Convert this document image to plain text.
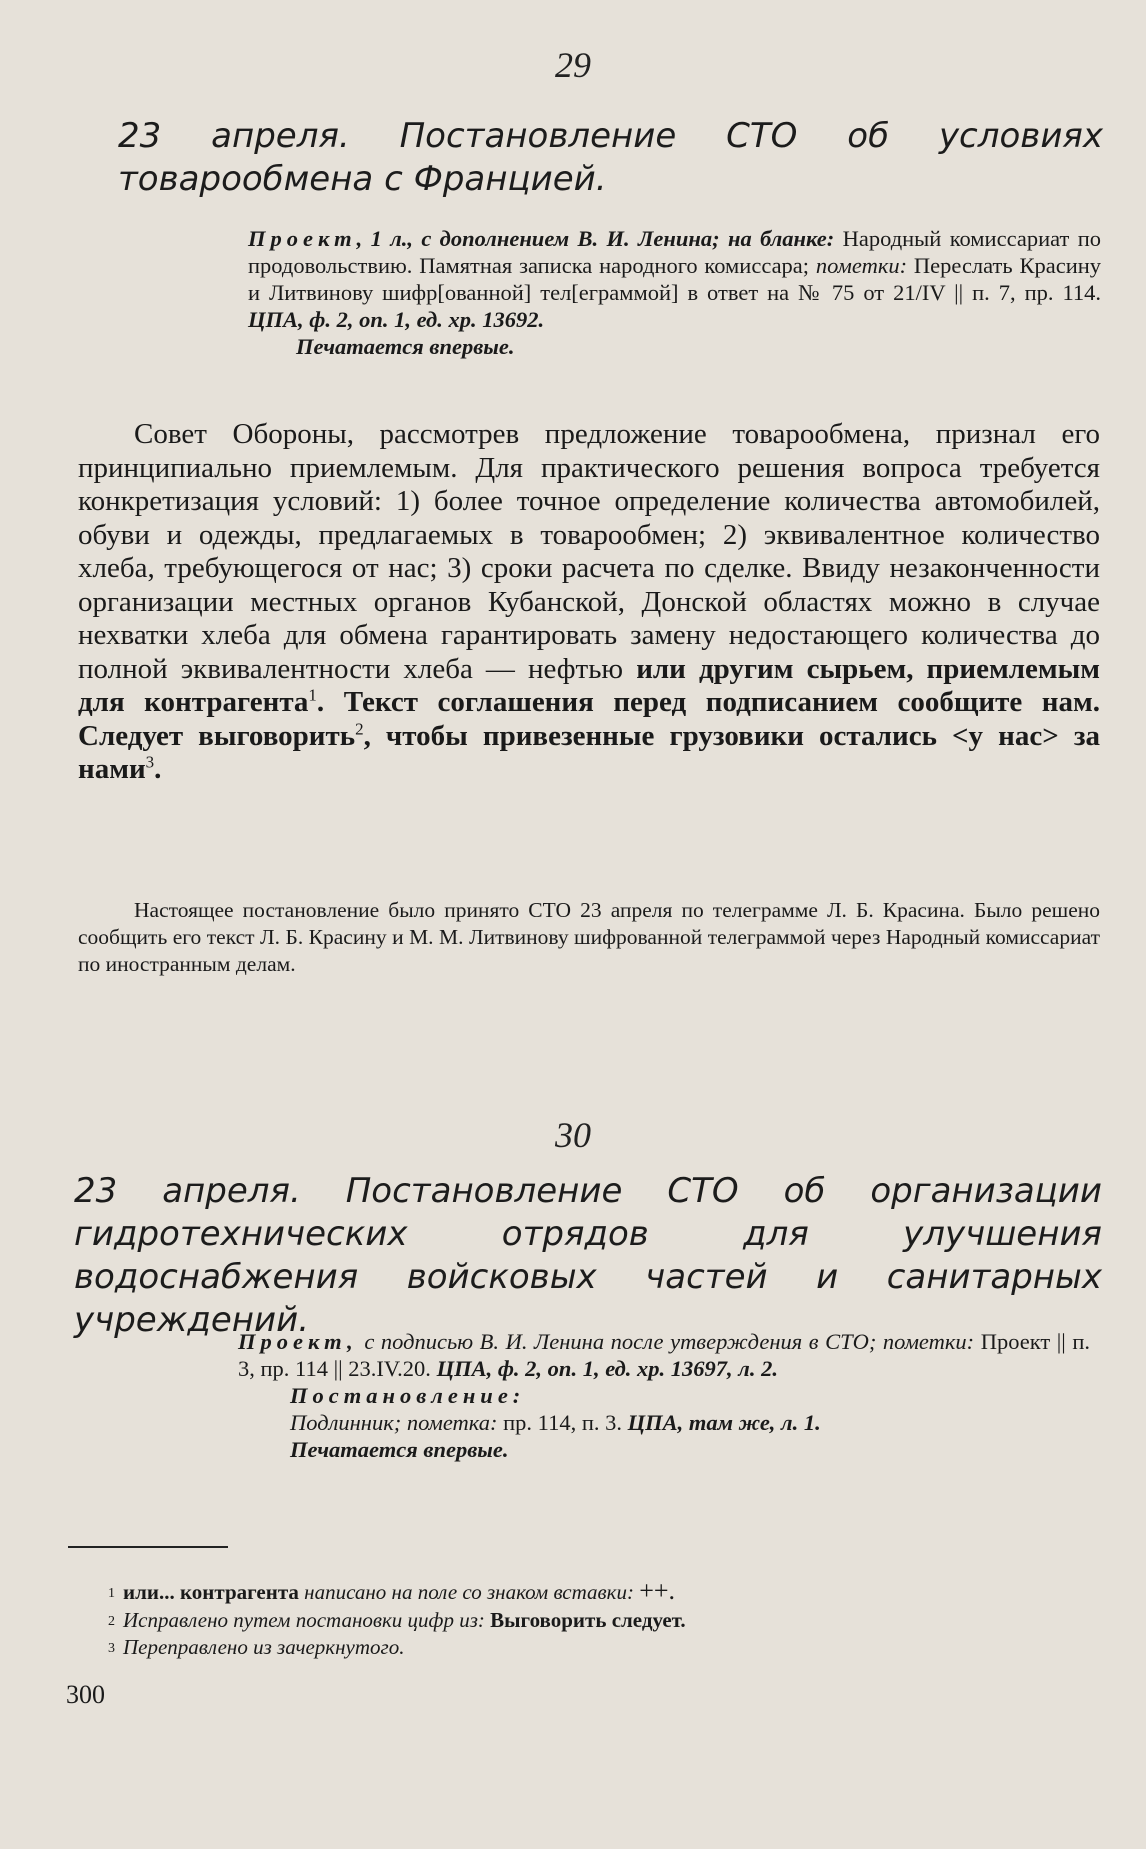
29
23 апреля. Постановление СТО об условиях товарообмена с Францией.

Проект, 1 л., с дополнением В. И. Ленина; на бланке: Народный комиссариат по продовольствию. Памятная записка народного комиссара; пометки: Переслать Красину и Литвинову шифр[ованной] тел[еграммой] в ответ на № 75 от 21/IV || п. 7, пр. 114. ЦПА, ф. 2, оп. 1, ед. хр. 13692.

Печатается впервые.

Совет Обороны, рассмотрев предложение товарообмена, признал его принципиально приемлемым. Для практического решения вопроса требуется конкретизация условий: 1) более точное определение количества автомобилей, обуви и одежды, предлагаемых в товарообмен; 2) эквивалентное количество хлеба, требующегося от нас; 3) сроки расчета по сделке. Ввиду незаконченности организации местных органов Кубанской, Донской областях можно в случае нехватки хлеба для обмена гарантировать замену недостающего количества до полной эквивалентности хлеба — нефтью или другим сырьем, приемлемым для контрагента$^1$. Текст соглашения перед подписанием сообщите нам. Следует выговорить$^2$, чтобы привезенные грузовики остались <у нас> за нами$^3$.

Настоящее постановление было принято СТО 23 апреля по телеграмме Л. Б. Красина. Было решено сообщить его текст Л. Б. Красину и М. М. Литвинову шифрованной телеграммой через Народный комиссариат по иностранным делам.

30
23 апреля. Постановление СТО об организации гидротехнических отрядов для улучшения водоснабжения войсковых частей и санитарных учреждений.

Проект, с подписью В. И. Ленина после утверждения в СТО; пометки: Проект || п. 3, пр. 114 || 23.IV.20. ЦПА, ф. 2, оп. 1, ед. хр. 13697, л. 2.

Постановление:

Подлинник; пометка: пр. 114, п. 3. ЦПА, там же, л. 1.

Печатается впервые.

$^1$ или... контрагента написано на поле со знаком вставки: ++.
$^2$ Исправлено путем постановки цифр из: Выговорить следует.
$^3$ Переправлено из зачеркнутого.
300
